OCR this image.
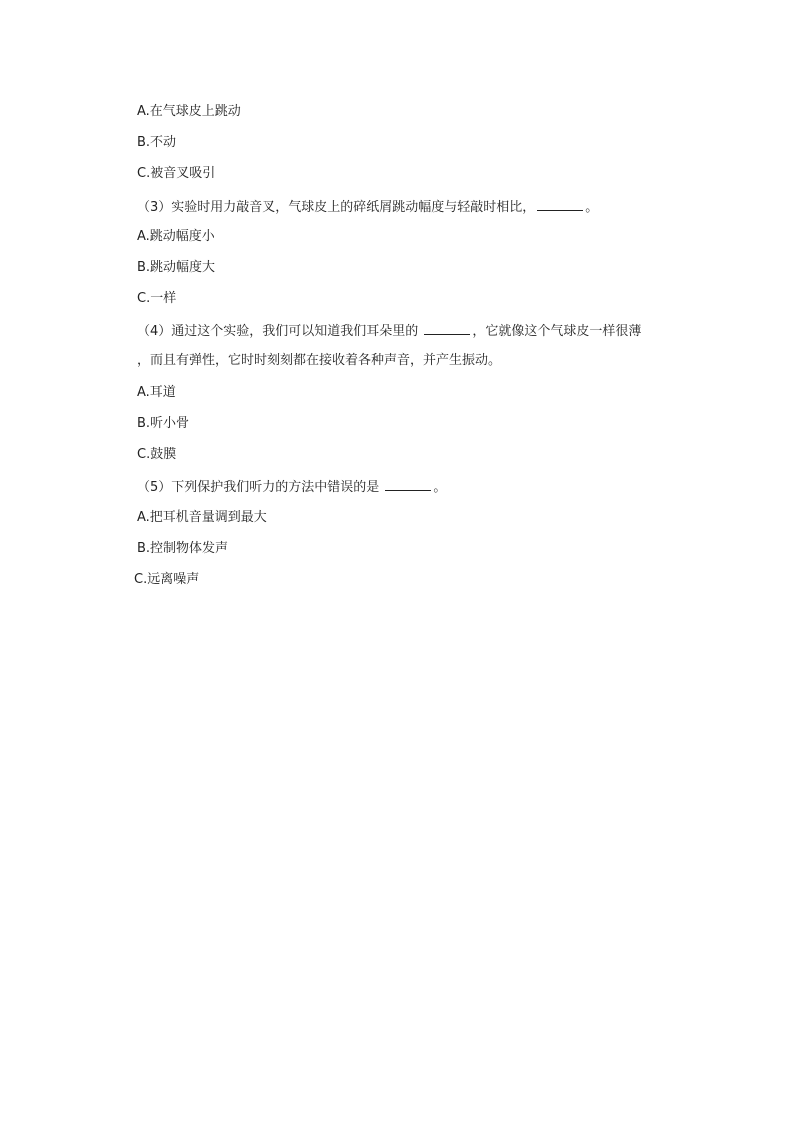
A.在气球皮上跳动
B.不动
C.被音叉吸引
（3）实验时用力敲音叉，气球皮上的碎纸屑跳动幅度与轻敲时相比，	。
A.跳动幅度小
B.跳动幅度大
C.一样
（4）通过这个实验，我们可以知道我们耳朵里的	，它就像这个气球皮一样很薄
，而且有弹性，它时时刻刻都在接收着各种声音，并产生振动。
A.耳道
B.听小骨
C.鼓膜
（5）下列保护我们听力的方法中错误的是	。
A.把耳机音量调到最大
B.控制物体发声
C.远离噪声
